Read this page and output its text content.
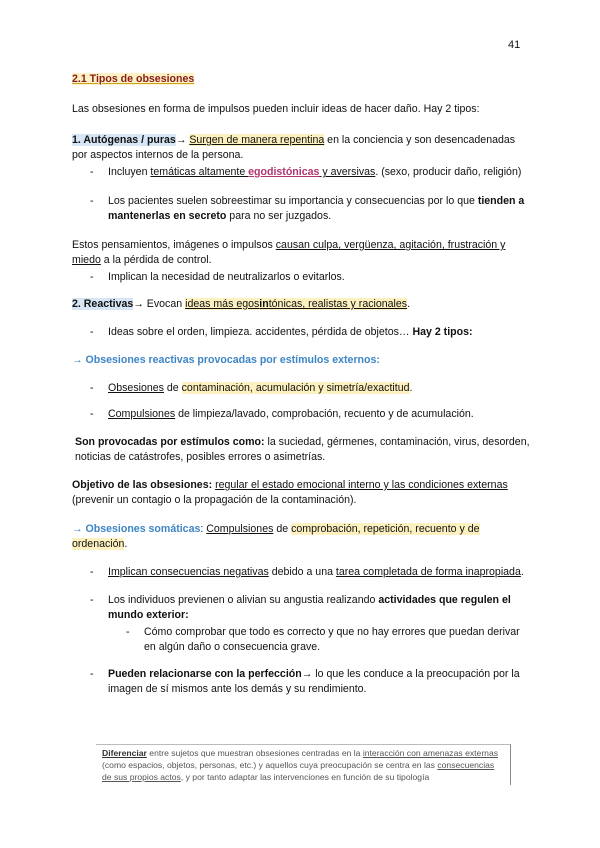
41

2.1 Tipos de obsesiones

Las obsesiones en forma de impulsos pueden incluir ideas de hacer daño. Hay 2 tipos:

1. Autógenas / puras→ Surgen de manera repentina en la conciencia y son desencadenadas por aspectos internos de la persona.

- Incluyen temáticas altamente egodistónicas y aversivas. (sexo, producir daño, religión)
- Los pacientes suelen sobreestimar su importancia y consecuencias por lo que tienden a mantenerlas en secreto para no ser juzgados.

Estos pensamientos, imágenes o impulsos causan culpa, vergüenza, agitación, frustración y miedo a la pérdida de control.

- Implican la necesidad de neutralizarlos o evitarlos.

2. Reactivas→ Evocan ideas más egosintónicas, realistas y racionales.

- Ideas sobre el orden, limpieza. accidentes, pérdida de objetos… Hay 2 tipos:

→ Obsesiones reactivas provocadas por estímulos externos:

- Obsesiones de contaminación, acumulación y simetría/exactitud.
- Compulsiones de limpieza/lavado, comprobación, recuento y de acumulación.

Son provocadas por estímulos como: la suciedad, gérmenes, contaminación, virus, desorden, noticias de catástrofes, posibles errores o asimetrías.

Objetivo de las obsesiones: regular el estado emocional interno y las condiciones externas (prevenir un contagio o la propagación de la contaminación).

→ Obsesiones somáticas: Compulsiones de comprobación, repetición, recuento y de ordenación.

- Implican consecuencias negativas debido a una tarea completada de forma inapropiada.
- Los individuos previenen o alivian su angustia realizando actividades que regulen el mundo exterior:
- Cómo comprobar que todo es correcto y que no hay errores que puedan derivar en algún daño o consecuencia grave.
- Pueden relacionarse con la perfección→ lo que les conduce a la preocupación por la imagen de sí mismos ante los demás y su rendimiento.
Diferenciar entre sujetos que muestran obsesiones centradas en la interacción con amenazas externas (como espacios, objetos, personas, etc.) y aquellos cuya preocupación se centra en las consecuencias de sus propios actos, y por tanto adaptar las intervenciones en función de su tipología
